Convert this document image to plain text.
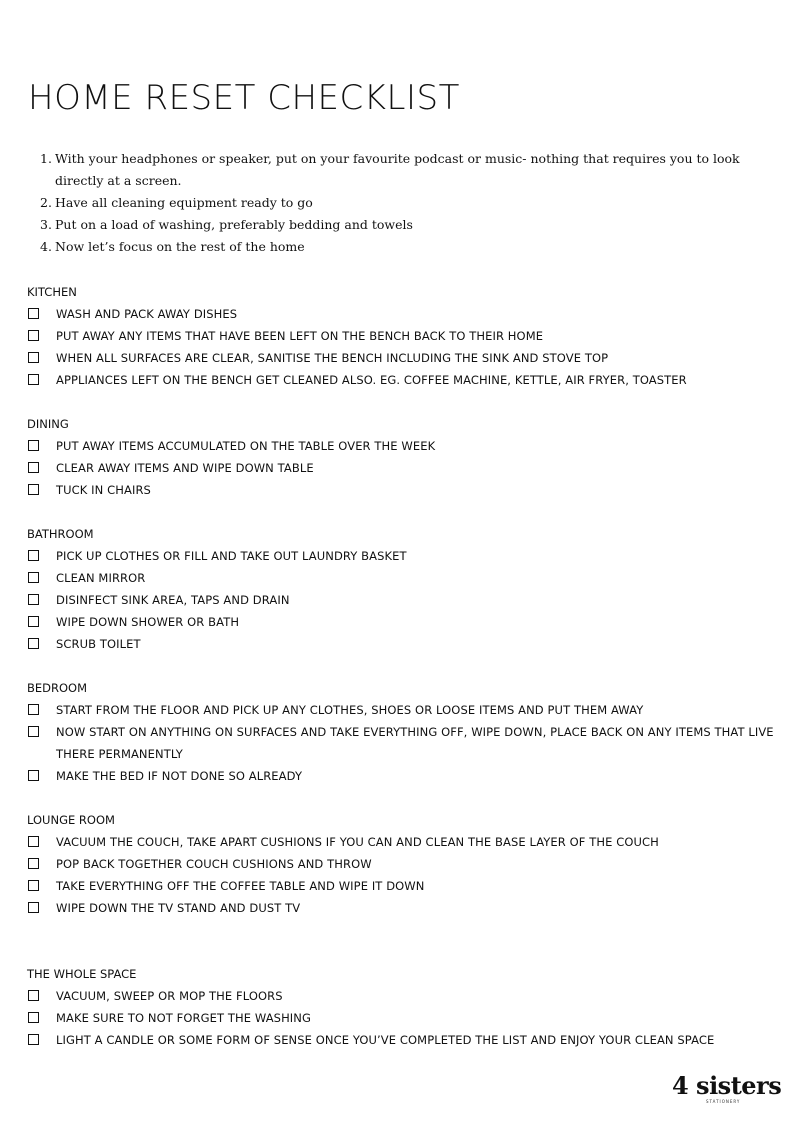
HOME RESET CHECKLIST
1. With your headphones or speaker, put on your favourite podcast or music- nothing that requires you to look directly at a screen.
2. Have all cleaning equipment ready to go
3. Put on a load of washing, preferably bedding and towels
4. Now let’s focus on the rest of the home
KITCHEN
WASH AND PACK AWAY DISHES
PUT AWAY ANY ITEMS THAT HAVE BEEN LEFT ON THE BENCH BACK TO THEIR HOME
WHEN ALL SURFACES ARE CLEAR, SANITISE THE BENCH INCLUDING THE SINK AND STOVE TOP
APPLIANCES LEFT ON THE BENCH GET CLEANED ALSO. EG. COFFEE MACHINE, KETTLE, AIR FRYER, TOASTER
DINING
PUT AWAY ITEMS ACCUMULATED ON THE TABLE OVER THE WEEK
CLEAR AWAY ITEMS AND WIPE DOWN TABLE
TUCK IN CHAIRS
BATHROOM
PICK UP CLOTHES OR FILL AND TAKE OUT LAUNDRY BASKET
CLEAN MIRROR
DISINFECT SINK AREA, TAPS AND DRAIN
WIPE DOWN SHOWER OR BATH
SCRUB TOILET
BEDROOM
START FROM THE FLOOR AND PICK UP ANY CLOTHES, SHOES OR LOOSE ITEMS AND PUT THEM AWAY
NOW START ON ANYTHING ON SURFACES AND TAKE EVERYTHING OFF, WIPE DOWN, PLACE BACK ON ANY ITEMS THAT LIVE THERE PERMANENTLY
MAKE THE BED IF NOT DONE SO ALREADY
LOUNGE ROOM
VACUUM THE COUCH, TAKE APART CUSHIONS IF YOU CAN AND CLEAN THE BASE LAYER OF THE COUCH
POP BACK TOGETHER COUCH CUSHIONS AND THROW
TAKE EVERYTHING OFF THE COFFEE TABLE AND WIPE IT DOWN
WIPE DOWN THE TV STAND AND DUST TV
THE WHOLE SPACE
VACUUM, SWEEP OR MOP THE FLOORS
MAKE SURE TO NOT FORGET THE WASHING
LIGHT A CANDLE OR SOME FORM OF SENSE ONCE YOU’VE COMPLETED THE LIST AND ENJOY YOUR CLEAN SPACE
4 sisters
STATIONERY
